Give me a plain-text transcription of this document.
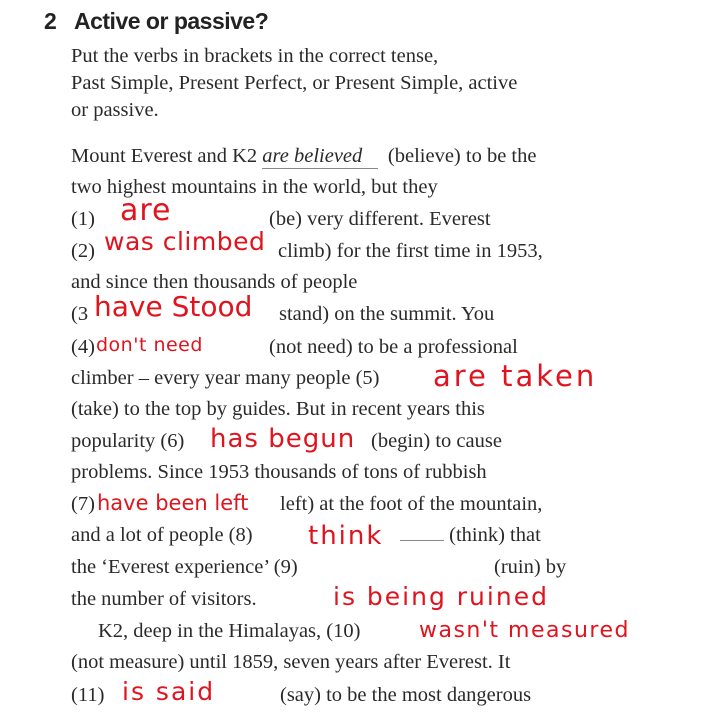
2 Active or passive?
Put the verbs in brackets in the correct tense,
Past Simple, Present Perfect, or Present Simple, active
or passive.
Mount Everest and K2 are believed (believe) to be the
two highest mountains in the world, but they
(1)	(be) very different. Everest
(2)	climb) for the first time in 1953,
and since then thousands of people
(3	stand) on the summit. You
(4)	(not need) to be a professional
climber – every year many people (5)
(take) to the top by guides. But in recent years this
popularity (6)	(begin) to cause
problems. Since 1953 thousands of tons of rubbish
(7)	left) at the foot of the mountain,
and a lot of people (8)	(think) that
the ‘Everest experience’ (9)	(ruin) by
the number of visitors.
K2, deep in the Himalayas, (10)
(not measure) until 1859, seven years after Everest. It
(11)	(say) to be the most dangerous
are
was climbed
have Stood
don't need
are taken
has begun
have been left
think
is being ruined
wasn't measured
is said
